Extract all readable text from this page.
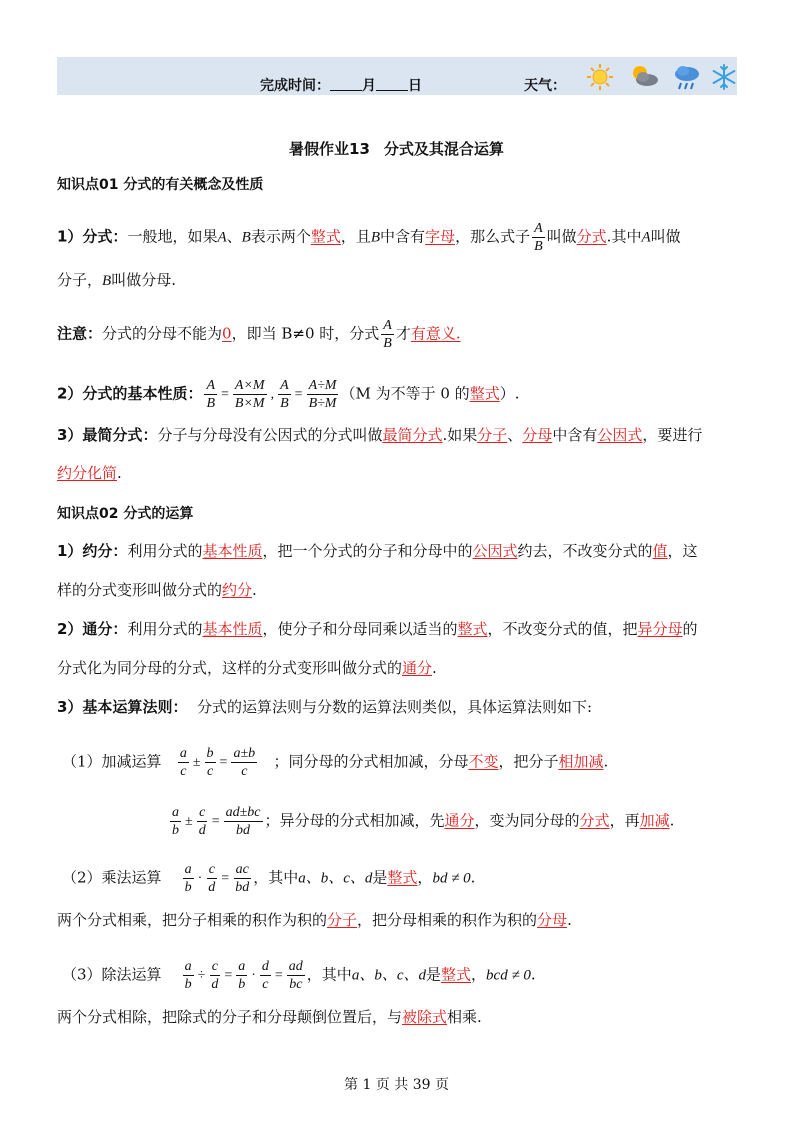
完成时间： 月 日	天气：
暑假作业13 分式及其混合运算
知识点01 分式的有关概念及性质
1）分式：一般地，如果A、B表示两个整式，且B中含有字母，那么式子 $\frac{A}{B}$ 叫做分式.其中A叫做
分子，B叫做分母.
注意：分式的分母不能为0，即当 B≠0 时，分式 $\frac{A}{B}$ 才有意义.
2）分式的基本性质： $\frac{A}{B} = \frac{A\times M}{B\times M}$ , $\frac{A}{B} = \frac{A\div M}{B\div M} (M$ 为不等于 0 的整式）.
3）最简分式：分子与分母没有公因式的分式叫做最简分式.如果分子、分母中含有公因式，要进行
约分化简.
知识点02 分式的运算
1）约分：利用分式的基本性质，把一个分式的分子和分母中的公因式约去，不改变分式的值，这
样的分式变形叫做分式的约分.
2）通分：利用分式的基本性质，使分子和分母同乘以适当的整式，不改变分式的值，把异分母的
分式化为同分母的分式，这样的分式变形叫做分式的通分.
3）基本运算法则： 分式的运算法则与分数的运算法则类似，具体运算法则如下:
（1）加减运算 $\frac{a}{c} \pm \frac{b}{c} = \frac{a\pm b}{c}$ ；同分母的分式相加减，分母不变，把分子相加减.
$\frac{a}{b} \pm \frac{c}{d} = \frac{ad\pm bc}{bd}$ ；异分母的分式相加减，先通分，变为同分母的分式，再加减.
（2）乘法运算 $\frac{a}{b} \cdot \frac{c}{d} = \frac{ac}{bd}$ ，其中a、b、c、d是整式，bd ≠ 0.
两个分式相乘，把分子相乘的积作为积的分子，把分母相乘的积作为积的分母.
（3）除法运算 $\frac{a}{b} \div \frac{c}{d} = \frac{a}{b} \cdot \frac{d}{c} = \frac{ad}{bc}$ ，其中a、b、c、d是整式，bcd ≠ 0.
两个分式相除，把除式的分子和分母颠倒位置后，与被除式相乘.
第 1 页 共 39 页
